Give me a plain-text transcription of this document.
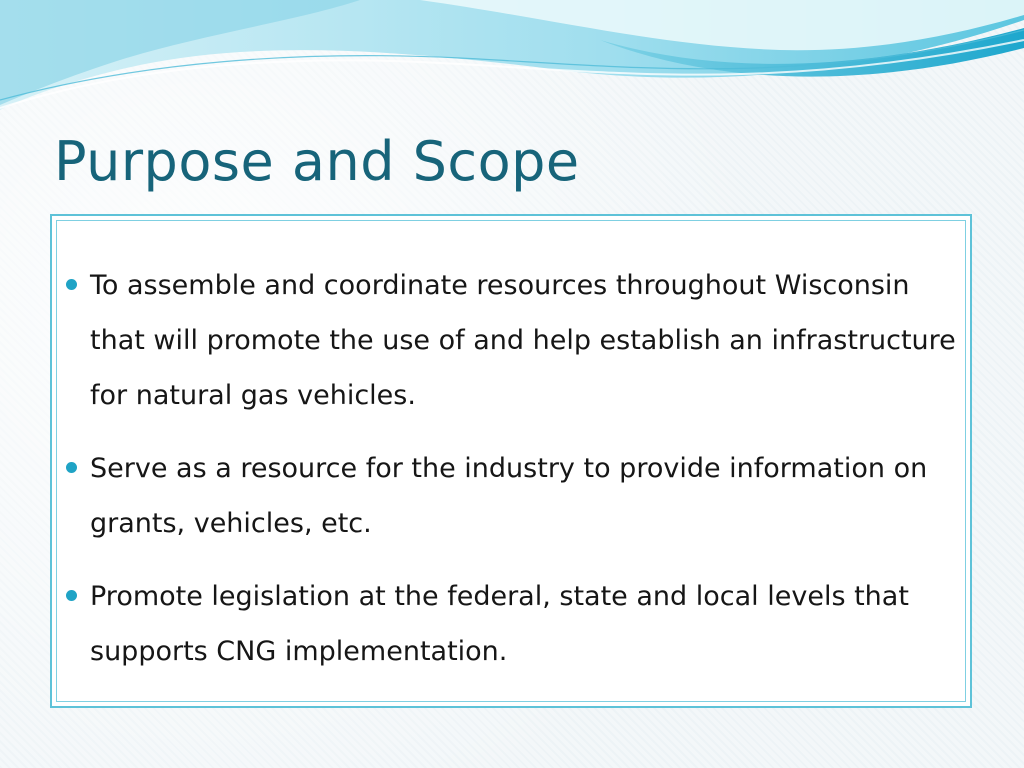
Purpose and Scope
To assemble and coordinate resources throughout Wisconsin that will promote the use of and help establish an infrastructure for natural gas vehicles.
Serve as a resource for the industry to provide information on grants, vehicles, etc.
Promote legislation at the federal, state and local levels that supports CNG implementation.
